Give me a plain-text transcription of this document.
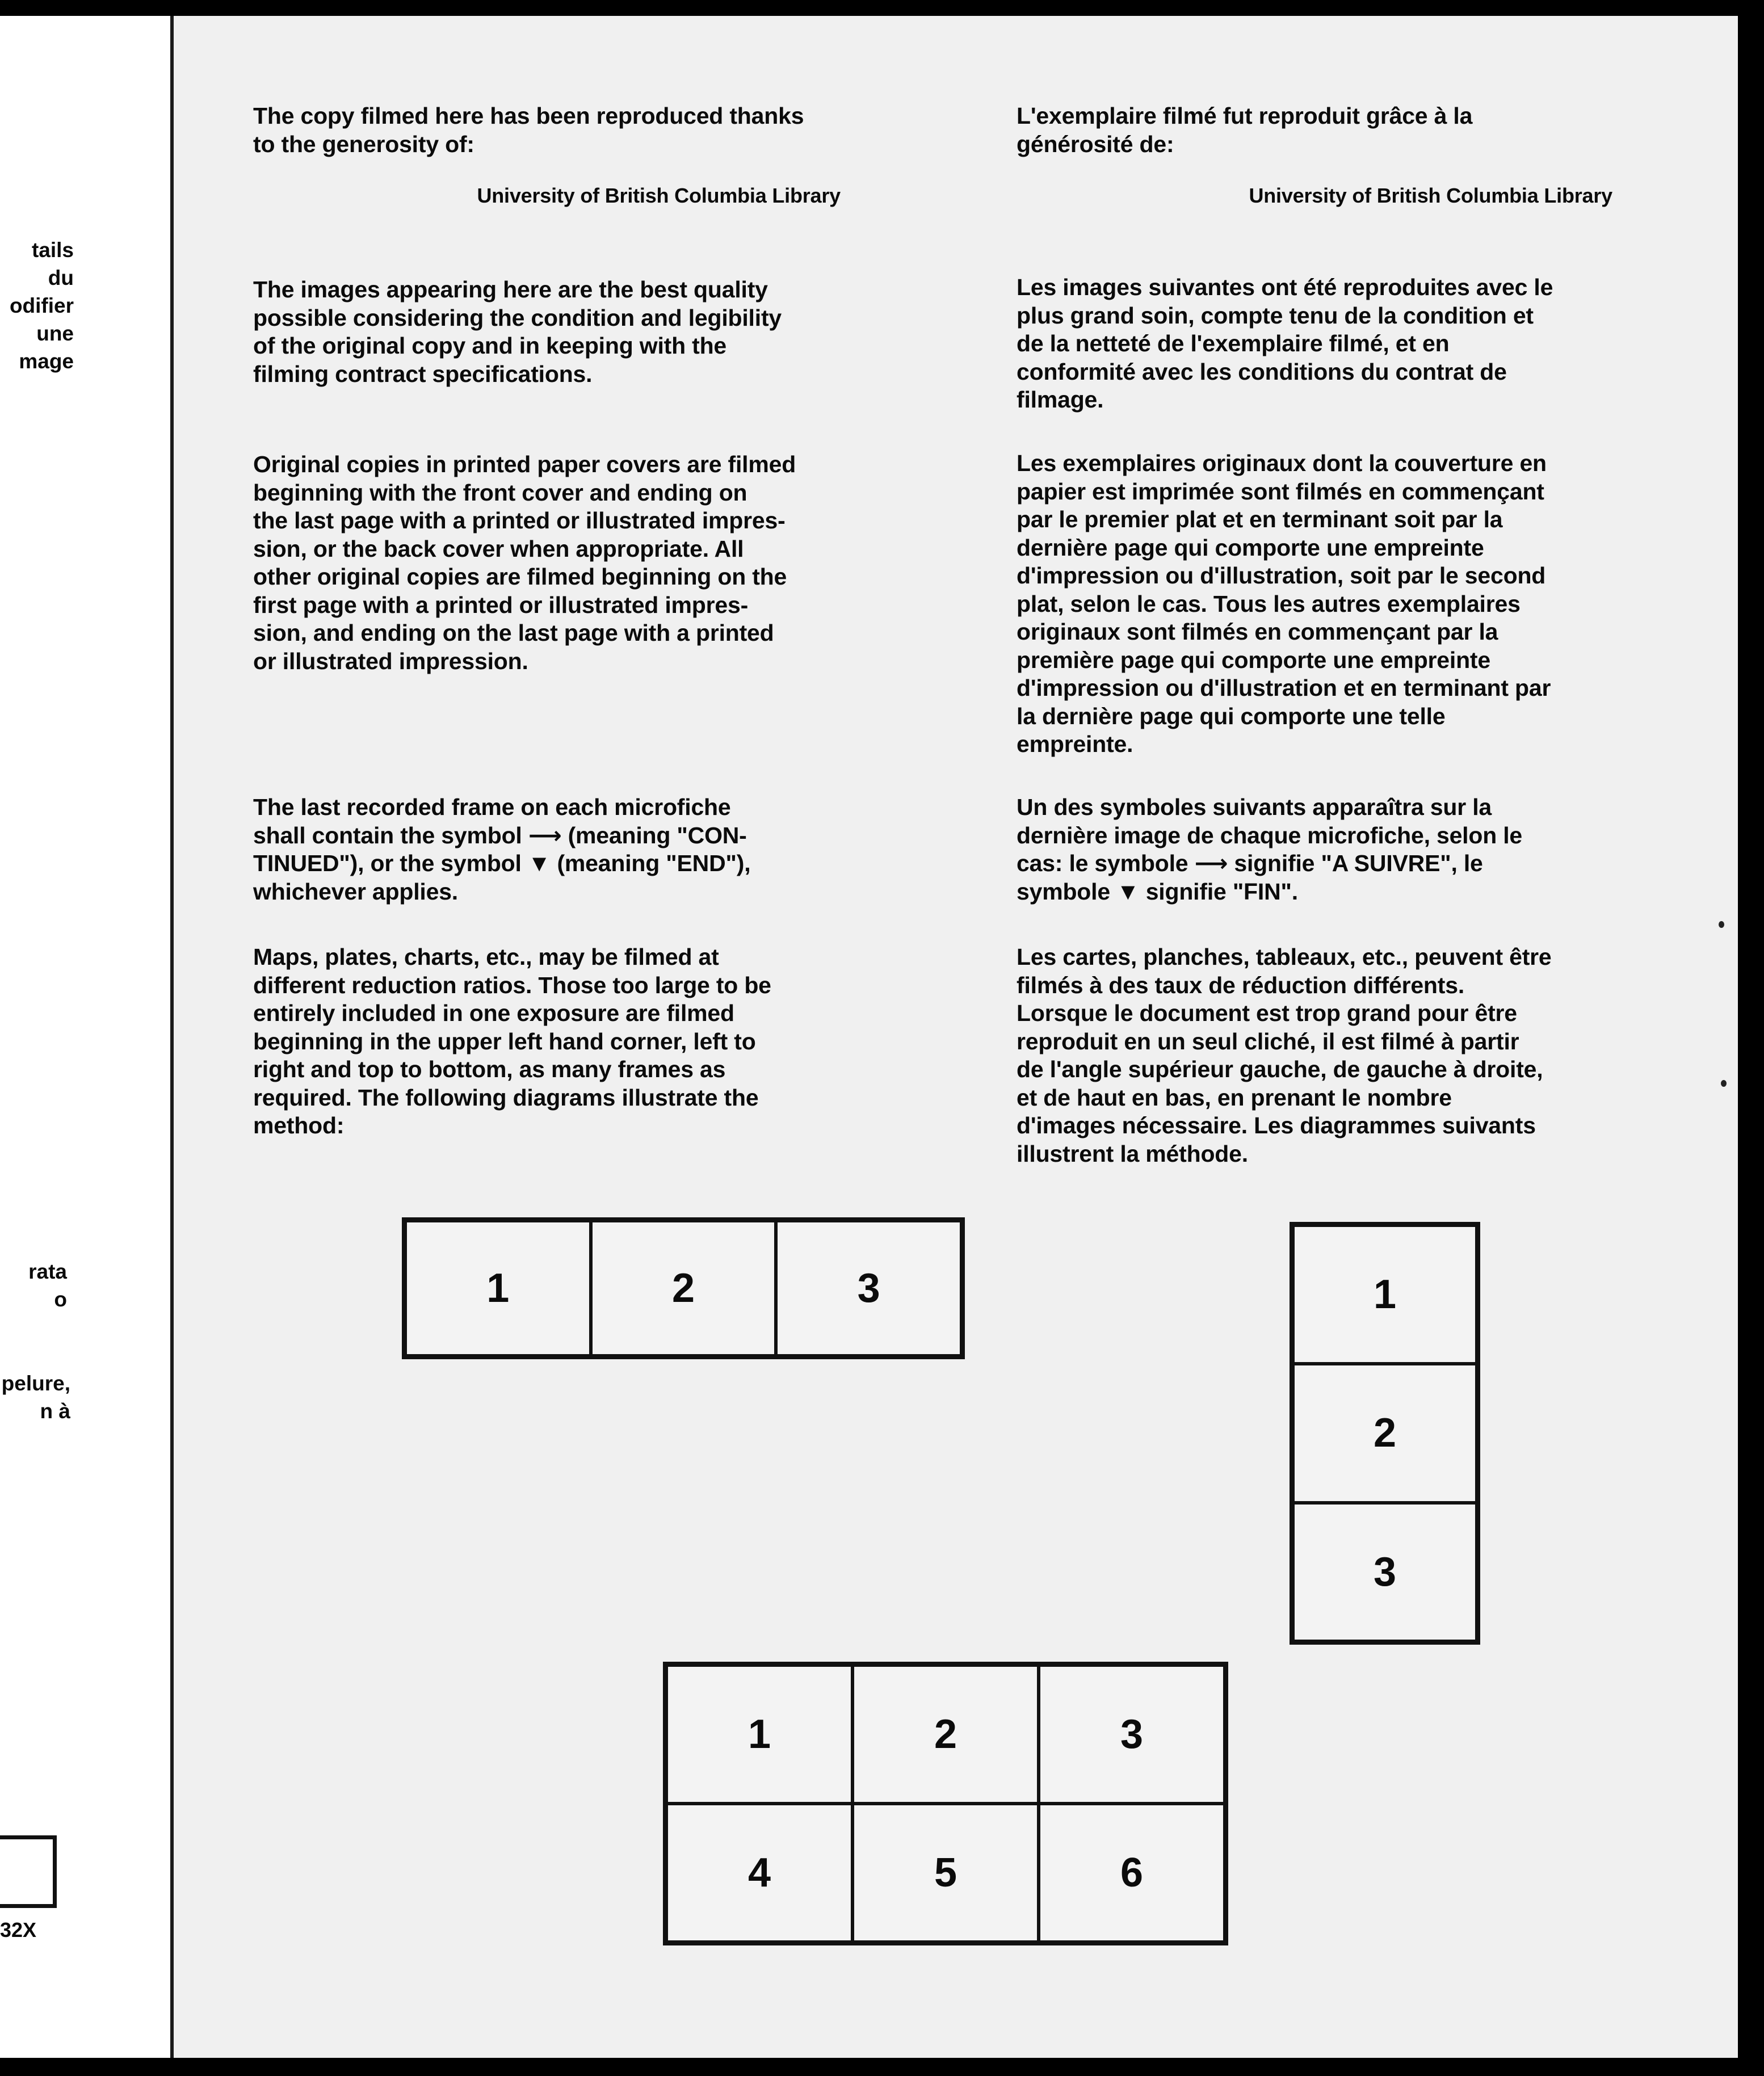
tails
du
odifier
une
mage
rata
o
pelure,
n à
32X

The copy filmed here has been reproduced thanks
to the generosity of:

University of British Columbia Library

The images appearing here are the best quality
possible considering the condition and legibility
of the original copy and in keeping with the
filming contract specifications.

Original copies in printed paper covers are filmed
beginning with the front cover and ending on
the last page with a printed or illustrated impres-
sion, or the back cover when appropriate. All
other original copies are filmed beginning on the
first page with a printed or illustrated impres-
sion, and ending on the last page with a printed
or illustrated impression.

The last recorded frame on each microfiche
shall contain the symbol ⟶ (meaning "CON-
TINUED"), or the symbol ▼ (meaning "END"),
whichever applies.

Maps, plates, charts, etc., may be filmed at
different reduction ratios. Those too large to be
entirely included in one exposure are filmed
beginning in the upper left hand corner, left to
right and top to bottom, as many frames as
required. The following diagrams illustrate the
method:

L'exemplaire filmé fut reproduit grâce à la
générosité de:

University of British Columbia Library

Les images suivantes ont été reproduites avec le
plus grand soin, compte tenu de la condition et
de la netteté de l'exemplaire filmé, et en
conformité avec les conditions du contrat de
filmage.

Les exemplaires originaux dont la couverture en
papier est imprimée sont filmés en commençant
par le premier plat et en terminant soit par la
dernière page qui comporte une empreinte
d'impression ou d'illustration, soit par le second
plat, selon le cas. Tous les autres exemplaires
originaux sont filmés en commençant par la
première page qui comporte une empreinte
d'impression ou d'illustration et en terminant par
la dernière page qui comporte une telle
empreinte.

Un des symboles suivants apparaîtra sur la
dernière image de chaque microfiche, selon le
cas: le symbole ⟶ signifie "A SUIVRE", le
symbole ▼ signifie "FIN".

Les cartes, planches, tableaux, etc., peuvent être
filmés à des taux de réduction différents.
Lorsque le document est trop grand pour être
reproduit en un seul cliché, il est filmé à partir
de l'angle supérieur gauche, de gauche à droite,
et de haut en bas, en prenant le nombre
d'images nécessaire. Les diagrammes suivants
illustrent la méthode.

1	2	3	1
2
3
1	2	3
4	5	6
